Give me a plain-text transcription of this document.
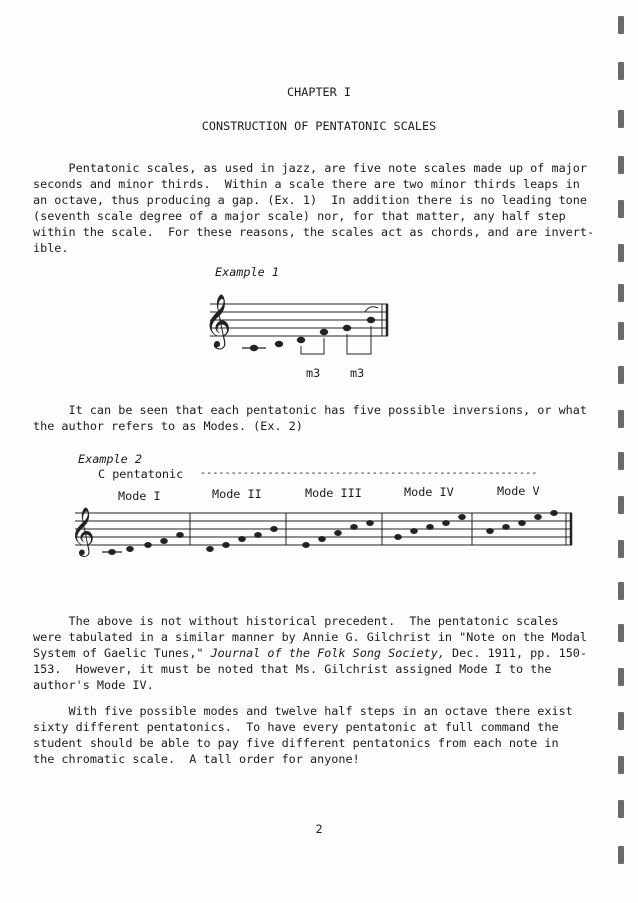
CHAPTER I
CONSTRUCTION OF PENTATONIC SCALES
Pentatonic scales, as used in jazz, are five note scales made up of major
seconds and minor thirds.  Within a scale there are two minor thirds leaps in
an octave, thus producing a gap. (Ex. 1)  In addition there is no leading tone
(seventh scale degree of a major scale) nor, for that matter, any half step
within the scale.  For these reasons, the scales act as chords, and are invert-
ible.
Example 1
𝄞
m3	m3
It can be seen that each pentatonic has five possible inversions, or what
the author refers to as Modes. (Ex. 2)
Example 2
C pentatonic -------------------------------------------------------
Mode I	Mode II	Mode III	Mode IV	Mode V
𝄞
The above is not without historical precedent.  The pentatonic scales
were tabulated in a similar manner by Annie G. Gilchrist in "Note on the Modal
System of Gaelic Tunes," Journal of the Folk Song Society, Dec. 1911, pp. 150-
153.  However, it must be noted that Ms. Gilchrist assigned Mode I to the
author's Mode IV.
With five possible modes and twelve half steps in an octave there exist
sixty different pentatonics.  To have every pentatonic at full command the
student should be able to pay five different pentatonics from each note in
the chromatic scale.  A tall order for anyone!
2
